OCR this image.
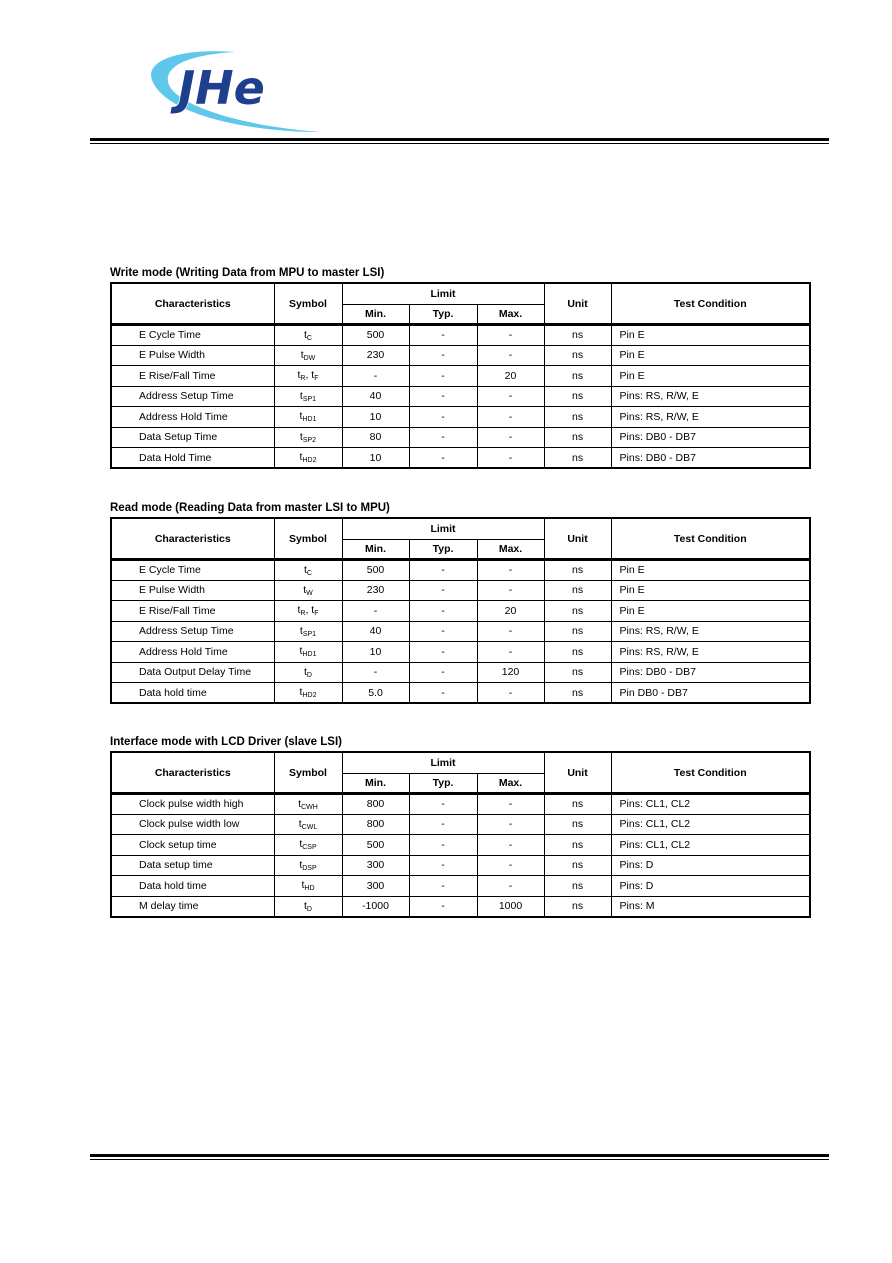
JHe
Write mode (Writing Data from MPU to master LSI)
Characteristics	Symbol	Limit			Unit	Test Condition
		Min.	Typ.	Max.		
E Cycle Time	$t_C$	500	-	-	ns	Pin E
E Pulse Width	$t_{DW}$	230	-	-	ns	Pin E
E Rise/Fall Time	$t_R$, $t_F$	-	-	20	ns	Pin E
Address Setup Time	$t_{SP1}$	40	-	-	ns	Pins: RS, R/W, E
Address Hold Time	$t_{HD1}$	10	-	-	ns	Pins: RS, R/W, E
Data Setup Time	$t_{SP2}$	80	-	-	ns	Pins: DB0 - DB7
Data Hold Time	$t_{HD2}$	10	-	-	ns	Pins: DB0 - DB7
Read mode (Reading Data from master LSI to MPU)
Characteristics	Symbol	Limit			Unit	Test Condition
		Min.	Typ.	Max.		
E Cycle Time	$t_C$	500	-	-	ns	Pin E
E Pulse Width	$t_W$	230	-	-	ns	Pin E
E Rise/Fall Time	$t_R$, $t_F$	-	-	20	ns	Pin E
Address Setup Time	$t_{SP1}$	40	-	-	ns	Pins: RS, R/W, E
Address Hold Time	$t_{HD1}$	10	-	-	ns	Pins: RS, R/W, E
Data Output Delay Time	$t_D$	-	-	120	ns	Pins: DB0 - DB7
Data hold time	$t_{HD2}$	5.0	-	-	ns	Pin DB0 - DB7
Interface mode with LCD Driver (slave LSI)
Characteristics	Symbol	Limit			Unit	Test Condition
		Min.	Typ.	Max.		
Clock pulse width high	$t_{CWH}$	800	-	-	ns	Pins: CL1, CL2
Clock pulse width low	$t_{CWL}$	800	-	-	ns	Pins: CL1, CL2
Clock setup time	$t_{CSP}$	500	-	-	ns	Pins: CL1, CL2
Data setup time	$t_{DSP}$	300	-	-	ns	Pins: D
Data hold time	$t_{HD}$	300	-	-	ns	Pins: D
M delay time	$t_D$	-1000	-	1000	ns	Pins: M
